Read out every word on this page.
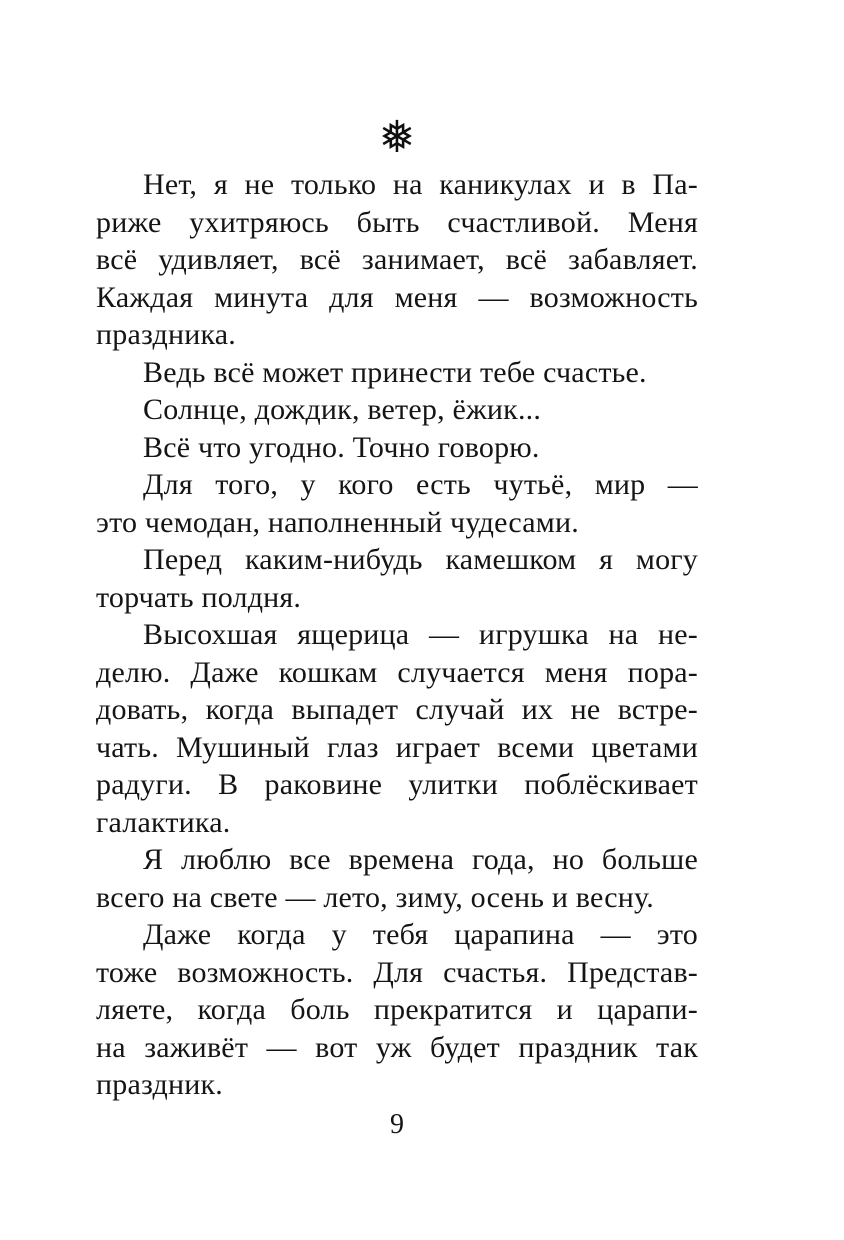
❅

Нет, я не только на каникулах и в Па-
риже ухитряюсь быть счастливой. Меня
всё удивляет, всё занимает, всё забавляет.
Каждая минута для меня — возможность
праздника.

Ведь всё может принести тебе счастье.

Солнце, дождик, ветер, ёжик...

Всё что угодно. Точно говорю.

Для того, у кого есть чутьё, мир —
это чемодан, наполненный чудесами.

Перед каким-нибудь камешком я могу
торчать полдня.

Высохшая ящерица — игрушка на не-
делю. Даже кошкам случается меня пора-
довать, когда выпадет случай их не встре-
чать. Мушиный глаз играет всеми цветами
радуги. В раковине улитки поблёскивает
галактика.

Я люблю все времена года, но больше
всего на свете — лето, зиму, осень и весну.

Даже когда у тебя царапина — это
тоже возможность. Для счастья. Представ-
ляете, когда боль прекратится и царапи-
на заживёт — вот уж будет праздник так
праздник.

9
